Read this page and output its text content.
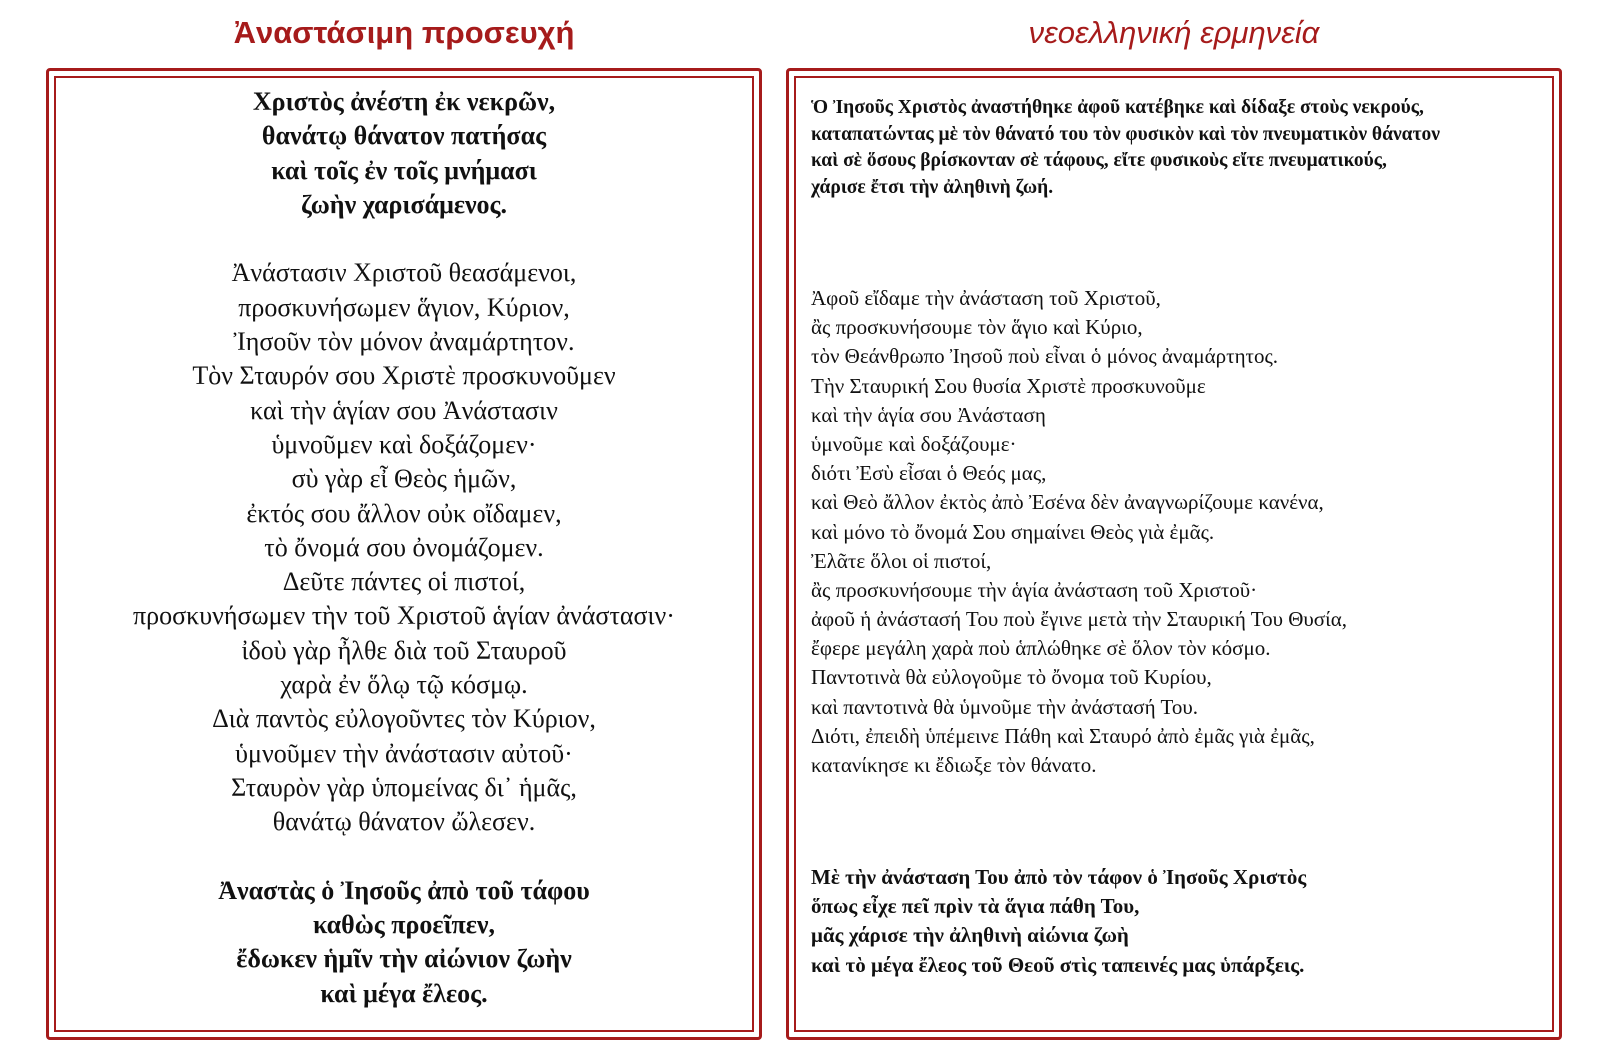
Ἀναστάσιμη προσευχή	νεοελληνική ερμηνεία
Χριστὸς ἀνέστη ἐκ νεκρῶν,
θανάτῳ θάνατον πατήσας
καὶ τοῖς ἐν τοῖς μνήμασι
ζωὴν χαρισάμενος.
Ἀνάστασιν Χριστοῦ θεασάμενοι,
προσκυνήσωμεν ἅγιον, Κύριον,
Ἰησοῦν τὸν μόνον ἀναμάρτητον.
Τὸν Σταυρόν σου Χριστὲ προσκυνοῦμεν
καὶ τὴν ἁγίαν σου Ἀνάστασιν
ὑμνοῦμεν καὶ δοξάζομεν·
σὺ γὰρ εἶ Θεὸς ἡμῶν,
ἐκτός σου ἄλλον οὐκ οἴδαμεν,
τὸ ὄνομά σου ὀνομάζομεν.
Δεῦτε πάντες οἱ πιστοί,
προσκυνήσωμεν τὴν τοῦ Χριστοῦ ἁγίαν ἀνάστασιν·
ἰδοὺ γὰρ ἦλθε διὰ τοῦ Σταυροῦ
χαρὰ ἐν ὅλῳ τῷ κόσμῳ.
Διὰ παντὸς εὐλογοῦντες τὸν Κύριον,
ὑμνοῦμεν τὴν ἀνάστασιν αὐτοῦ·
Σταυρὸν γὰρ ὑπομείνας δι᾽ ἡμᾶς,
θανάτῳ θάνατον ὤλεσεν.
Ἀναστὰς ὁ Ἰησοῦς ἀπὸ τοῦ τάφου
καθὼς προεῖπεν,
ἔδωκεν ἡμῖν τὴν αἰώνιον ζωὴν
καὶ μέγα ἔλεος.
Ὁ Ἰησοῦς Χριστὸς ἀναστήθηκε ἀφοῦ κατέβηκε καὶ δίδαξε στοὺς νεκρούς,
καταπατώντας μὲ τὸν θάνατό του τὸν φυσικὸν καὶ τὸν πνευματικὸν θάνατον
καὶ σὲ ὅσους βρίσκονταν σὲ τάφους, εἴτε φυσικοὺς εἴτε πνευματικούς,
χάρισε ἔτσι τὴν ἀληθινὴ ζωή.
Ἀφοῦ εἴδαμε τὴν ἀνάσταση τοῦ Χριστοῦ,
ἂς προσκυνήσουμε τὸν ἅγιο καὶ Κύριο,
τὸν Θεάνθρωπο Ἰησοῦ ποὺ εἶναι ὁ μόνος ἀναμάρτητος.
Τὴν Σταυρική Σου θυσία Χριστὲ προσκυνοῦμε
καὶ τὴν ἁγία σου Ἀνάσταση
ὑμνοῦμε καὶ δοξάζουμε·
διότι Ἐσὺ εἶσαι ὁ Θεός μας,
καὶ Θεὸ ἄλλον ἐκτὸς ἀπὸ Ἐσένα δὲν ἀναγνωρίζουμε κανένα,
καὶ μόνο τὸ ὄνομά Σου σημαίνει Θεὸς γιὰ ἐμᾶς.
Ἐλᾶτε ὅλοι οἱ πιστοί,
ἂς προσκυνήσουμε τὴν ἁγία ἀνάσταση τοῦ Χριστοῦ·
ἀφοῦ ἡ ἀνάστασή Του ποὺ ἔγινε μετὰ τὴν Σταυρική Του Θυσία,
ἔφερε μεγάλη χαρὰ ποὺ ἁπλώθηκε σὲ ὅλον τὸν κόσμο.
Παντοτινὰ θὰ εὐλογοῦμε τὸ ὄνομα τοῦ Κυρίου,
καὶ παντοτινὰ θὰ ὑμνοῦμε τὴν ἀνάστασή Του.
Διότι, ἐπειδὴ ὑπέμεινε Πάθη καὶ Σταυρό ἀπὸ ἐμᾶς γιὰ ἐμᾶς,
κατανίκησε κι ἔδιωξε τὸν θάνατο.
Μὲ τὴν ἀνάσταση Του ἀπὸ τὸν τάφον ὁ Ἰησοῦς Χριστὸς
ὅπως εἶχε πεῖ πρὶν τὰ ἅγια πάθη Του,
μᾶς χάρισε τὴν ἀληθινὴ αἰώνια ζωὴ
καὶ τὸ μέγα ἔλεος τοῦ Θεοῦ στὶς ταπεινές μας ὑπάρξεις.
